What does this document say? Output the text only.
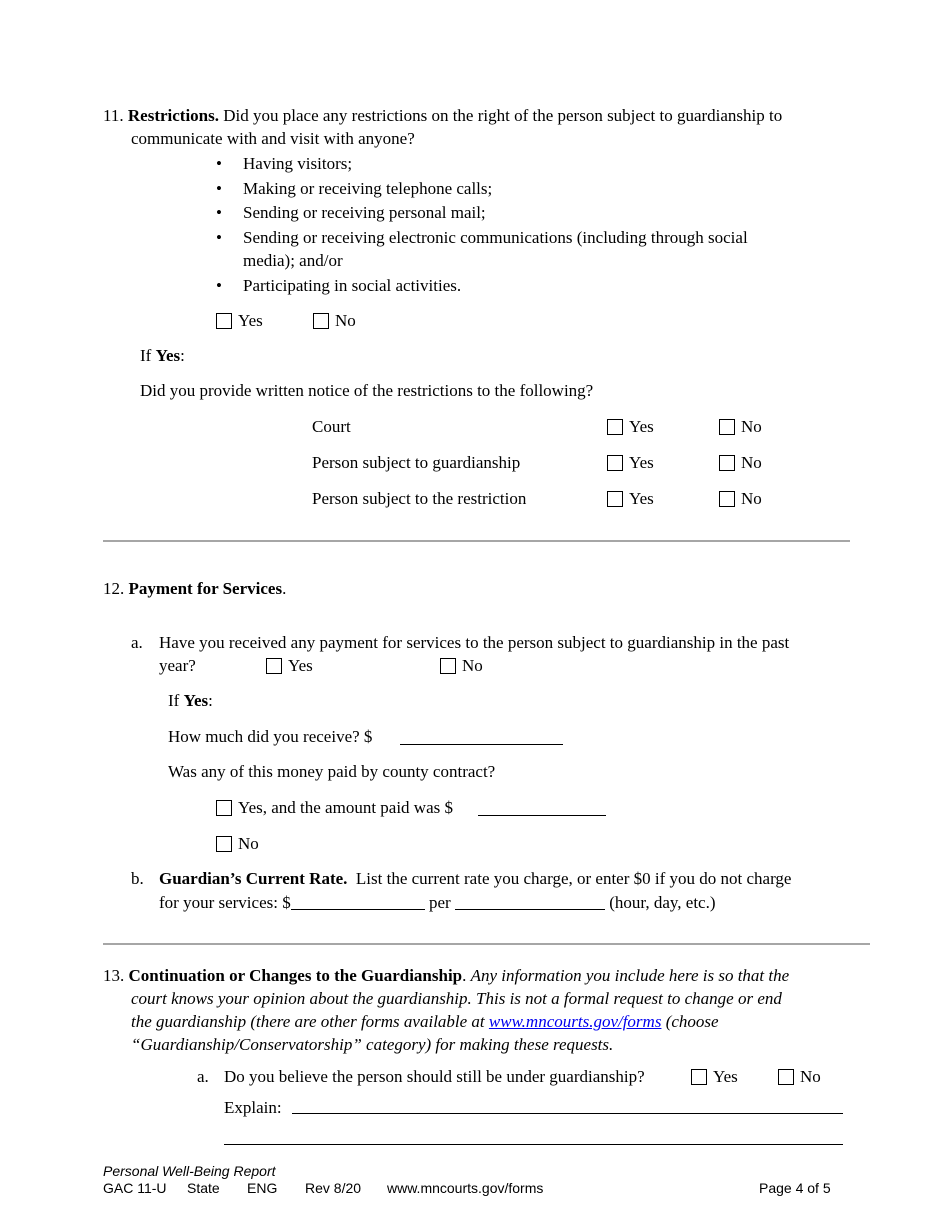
11. Restrictions. Did you place any restrictions on the right of the person subject to guardianship to
communicate with and visit with anyone?
• Having visitors;
• Making or receiving telephone calls;
• Sending or receiving personal mail;
• Sending or receiving electronic communications (including through social
media); and/or
• Participating in social activities.
Yes	No
If Yes:
Did you provide written notice of the restrictions to the following?
Court	Yes	No
Person subject to guardianship	Yes	No
Person subject to the restriction	Yes	No
12. Payment for Services.
a. Have you received any payment for services to the person subject to guardianship in the past
year?	Yes	No
If Yes:
How much did you receive? $
Was any of this money paid by county contract?
Yes, and the amount paid was $
No
b. Guardian’s Current Rate. List the current rate you charge, or enter $0 if you do not charge
for your services: $	per	(hour, day, etc.)
13. Continuation or Changes to the Guardianship. Any information you include here is so that the
court knows your opinion about the guardianship. This is not a formal request to change or end
the guardianship (there are other forms available at www.mncourts.gov/forms (choose
“Guardianship/Conservatorship” category) for making these requests.
a. Do you believe the person should still be under guardianship?	Yes	No
Explain:
Personal Well-Being Report
GAC 11-U State ENG Rev 8/20 www.mncourts.gov/forms	Page 4 of 5
